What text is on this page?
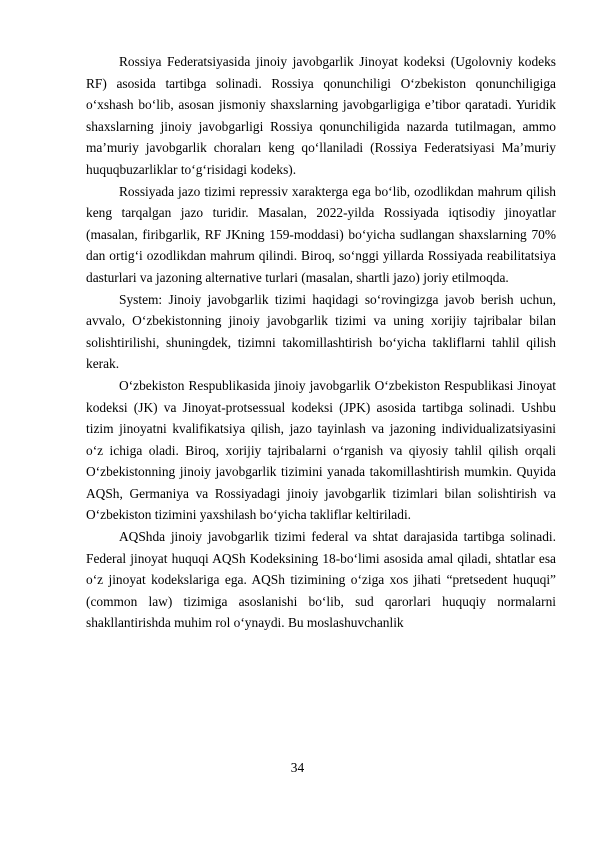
Rossiya Federatsiyasida jinoiy javobgarlik Jinoyat kodeksi (Ugolovniy kodeks RF) asosida tartibga solinadi. Rossiya qonunchiligi O‘zbekiston qonunchiligiga o‘xshash bo‘lib, asosan jismoniy shaxslarning javobgarligiga e’tibor qaratadi. Yuridik shaxslarning jinoiy javobgarligi Rossiya qonunchiligida nazarda tutilmagan, ammo ma’muriy javobgarlik choraları keng qo‘llaniladi (Rossiya Federatsiyasi Ma’muriy huquqbuzarliklar to‘g‘risidagi kodeks).

Rossiyada jazo tizimi repressiv xarakterga ega bo‘lib, ozodlikdan mahrum qilish keng tarqalgan jazo turidir. Masalan, 2022-yilda Rossiyada iqtisodiy jinoyatlar (masalan, firibgarlik, RF JKning 159-moddasi) bo‘yicha sudlangan shaxslarning 70% dan ortig‘i ozodlikdan mahrum qilindi. Biroq, so‘nggi yillarda Rossiyada reabilitatsiya dasturlari va jazoning alternative turlari (masalan, shartli jazo) joriy etilmoqda.

System: Jinoiy javobgarlik tizimi haqidagi so‘rovingizga javob berish uchun, avvalo, O‘zbekistonning jinoiy javobgarlik tizimi va uning xorijiy tajribalar bilan solishtirilishi, shuningdek, tizimni takomillashtirish bo‘yicha takliflarni tahlil qilish kerak.

O‘zbekiston Respublikasida jinoiy javobgarlik O‘zbekiston Respublikasi Jinoyat kodeksi (JK) va Jinoyat-protsessual kodeksi (JPK) asosida tartibga solinadi. Ushbu tizim jinoyatni kvalifikatsiya qilish, jazo tayinlash va jazoning individualizatsiyasini o‘z ichiga oladi. Biroq, xorijiy tajribalarni o‘rganish va qiyosiy tahlil qilish orqali O‘zbekistonning jinoiy javobgarlik tizimini yanada takomillashtirish mumkin. Quyida AQSh, Germaniya va Rossiyadagi jinoiy javobgarlik tizimlari bilan solishtirish va O‘zbekiston tizimini yaxshilash bo‘yicha takliflar keltiriladi.

AQShda jinoiy javobgarlik tizimi federal va shtat darajasida tartibga solinadi. Federal jinoyat huquqi AQSh Kodeksining 18-bo‘limi asosida amal qiladi, shtatlar esa o‘z jinoyat kodekslariga ega. AQSh tizimining o‘ziga xos jihati “pretsedent huquqi” (common law) tizimiga asoslanishi bo‘lib, sud qarorlari huquqiy normalarni shakllantirishda muhim rol o‘ynaydi. Bu moslashuvchanlik

34
